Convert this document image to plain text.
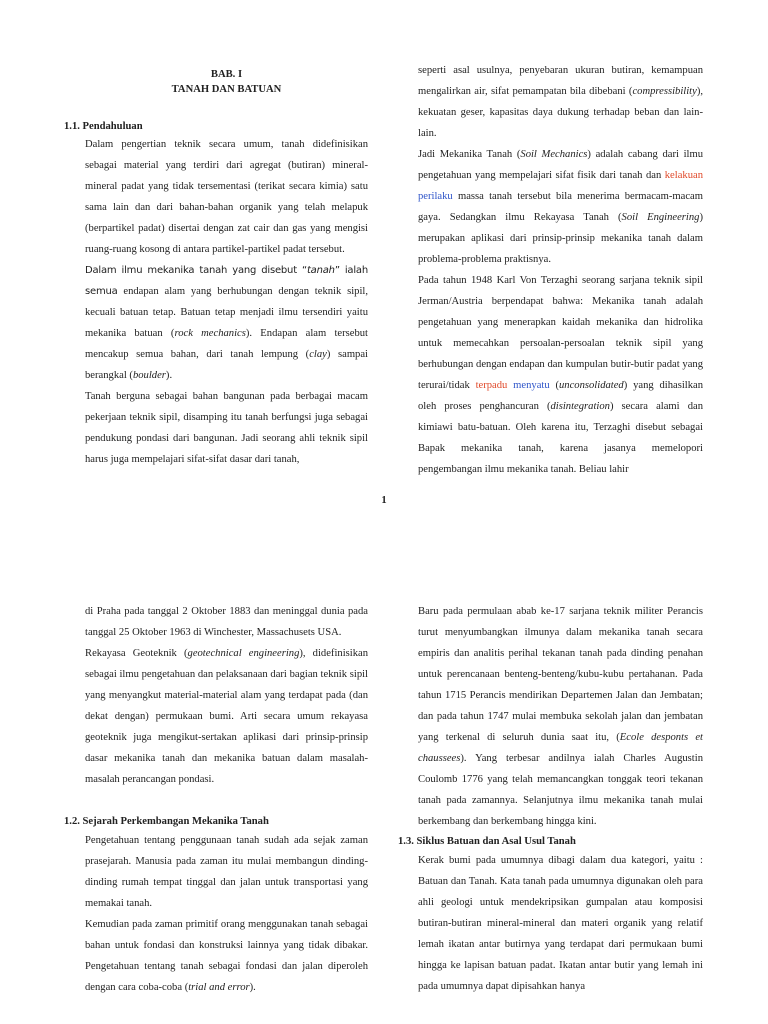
BAB. I
TANAH DAN BATUAN
1.1. Pendahuluan

Dalam pengertian teknik secara umum, tanah didefinisikan sebagai material yang terdiri dari agregat (butiran) mineral-mineral padat yang tidak tersementasi (terikat secara kimia) satu sama lain dan dari bahan-bahan organik yang telah melapuk (berpartikel padat) disertai dengan zat cair dan gas yang mengisi ruang-ruang kosong di antara partikel-partikel padat tersebut.

Dalam ilmu mekanika tanah yang disebut “tanah” ialah semua endapan alam yang berhubungan dengan teknik sipil, kecuali batuan tetap. Batuan tetap menjadi ilmu tersendiri yaitu mekanika batuan (rock mechanics). Endapan alam tersebut mencakup semua bahan, dari tanah lempung (clay) sampai berangkal (boulder).

Tanah berguna sebagai bahan bangunan pada berbagai macam pekerjaan teknik sipil, disamping itu tanah berfungsi juga sebagai pendukung pondasi dari bangunan. Jadi seorang ahli teknik sipil harus juga mempelajari sifat-sifat dasar dari tanah,

seperti asal usulnya, penyebaran ukuran butiran, kemampuan mengalirkan air, sifat pemampatan bila dibebani (compressibility), kekuatan geser, kapasitas daya dukung terhadap beban dan lain-lain.

Jadi Mekanika Tanah (Soil Mechanics) adalah cabang dari ilmu pengetahuan yang mempelajari sifat fisik dari tanah dan kelakuan perilaku massa tanah tersebut bila menerima bermacam-macam gaya. Sedangkan ilmu Rekayasa Tanah (Soil Engineering) merupakan aplikasi dari prinsip-prinsip mekanika tanah dalam problema-problema praktisnya.

Pada tahun 1948 Karl Von Terzaghi seorang sarjana teknik sipil Jerman/Austria berpendapat bahwa: Mekanika tanah adalah pengetahuan yang menerapkan kaidah mekanika dan hidrolika untuk memecahkan persoalan-persoalan teknik sipil yang berhubungan dengan endapan dan kumpulan butir-butir padat yang terurai/tidak terpadu menyatu (unconsolidated) yang dihasilkan oleh proses penghancuran (disintegration) secara alami dan kimiawi batu-batuan. Oleh karena itu, Terzaghi disebut sebagai Bapak mekanika tanah, karena jasanya memelopori pengembangan ilmu mekanika tanah. Beliau lahir

1

di Praha pada tanggal 2 Oktober 1883 dan meninggal dunia pada tanggal 25 Oktober 1963 di Winchester, Massachusets USA.

Rekayasa Geoteknik (geotechnical engineering), didefinisikan sebagai ilmu pengetahuan dan pelaksanaan dari bagian teknik sipil yang menyangkut material-material alam yang terdapat pada (dan dekat dengan) permukaan bumi. Arti secara umum rekayasa geoteknik juga mengikut-sertakan aplikasi dari prinsip-prinsip dasar mekanika tanah dan mekanika batuan dalam masalah-masalah perancangan pondasi.

1.2. Sejarah Perkembangan Mekanika Tanah

Pengetahuan tentang penggunaan tanah sudah ada sejak zaman prasejarah. Manusia pada zaman itu mulai membangun dinding-dinding rumah tempat tinggal dan jalan untuk transportasi yang memakai tanah.

Kemudian pada zaman primitif orang menggunakan tanah sebagai bahan untuk fondasi dan konstruksi lainnya yang tidak dibakar. Pengetahuan tentang tanah sebagai fondasi dan jalan diperoleh dengan cara coba-coba (trial and error).

Baru pada permulaan abab ke-17 sarjana teknik militer Perancis turut menyumbangkan ilmunya dalam mekanika tanah secara empiris dan analitis perihal tekanan tanah pada dinding penahan untuk perencanaan benteng-benteng/kubu-kubu pertahanan. Pada tahun 1715 Perancis mendirikan Departemen Jalan dan Jembatan; dan pada tahun 1747 mulai membuka sekolah jalan dan jembatan yang terkenal di seluruh dunia saat itu, (Ecole desponts et chaussees). Yang terbesar andilnya ialah Charles Augustin Coulomb 1776 yang telah memancangkan tonggak teori tekanan tanah pada zamannya. Selanjutnya ilmu mekanika tanah mulai berkembang dan berkembang hingga kini.

1.3. Siklus Batuan dan Asal Usul Tanah

Kerak bumi pada umumnya dibagi dalam dua kategori, yaitu : Batuan dan Tanah. Kata tanah pada umumnya digunakan oleh para ahli geologi untuk mendekripsikan gumpalan atau komposisi butiran-butiran mineral-mineral dan materi organik yang relatif lemah ikatan antar butirnya yang terdapat dari permukaan bumi hingga ke lapisan batuan padat. Ikatan antar butir yang lemah ini pada umumnya dapat dipisahkan hanya
